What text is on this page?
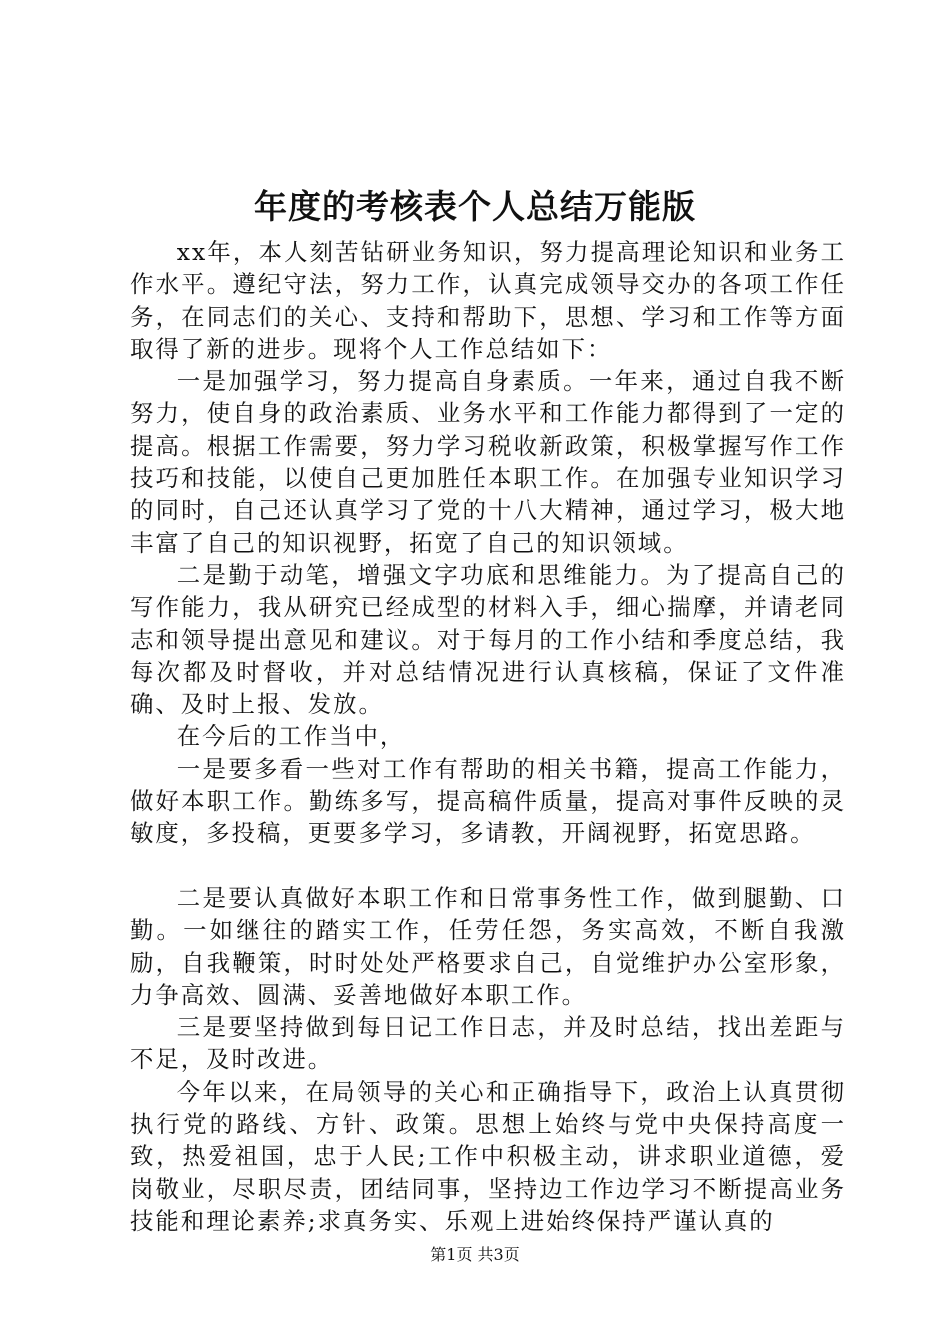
年度的考核表个人总结万能版

xx年，本人刻苦钻研业务知识，努力提高理论知识和业务工作水平。遵纪守法，努力工作，认真完成领导交办的各项工作任务，在同志们的关心、支持和帮助下，思想、学习和工作等方面取得了新的进步。现将个人工作总结如下：

一是加强学习，努力提高自身素质。一年来，通过自我不断努力，使自身的政治素质、业务水平和工作能力都得到了一定的提高。根据工作需要，努力学习税收新政策，积极掌握写作工作技巧和技能，以使自己更加胜任本职工作。在加强专业知识学习的同时，自己还认真学习了党的十八大精神，通过学习，极大地丰富了自己的知识视野，拓宽了自己的知识领域。

二是勤于动笔，增强文字功底和思维能力。为了提高自己的写作能力，我从研究已经成型的材料入手，细心揣摩，并请老同志和领导提出意见和建议。对于每月的工作小结和季度总结，我每次都及时督收，并对总结情况进行认真核稿，保证了文件准确、及时上报、发放。

在今后的工作当中，

一是要多看一些对工作有帮助的相关书籍，提高工作能力，做好本职工作。勤练多写，提高稿件质量，提高对事件反映的灵敏度，多投稿，更要多学习，多请教，开阔视野，拓宽思路。

二是要认真做好本职工作和日常事务性工作，做到腿勤、口勤。一如继往的踏实工作，任劳任怨，务实高效，不断自我激励，自我鞭策，时时处处严格要求自己，自觉维护办公室形象，力争高效、圆满、妥善地做好本职工作。

三是要坚持做到每日记工作日志，并及时总结，找出差距与不足，及时改进。

今年以来，在局领导的关心和正确指导下，政治上认真贯彻执行党的路线、方针、政策。思想上始终与党中央保持高度一致，热爱祖国，忠于人民;工作中积极主动，讲求职业道德，爱岗敬业，尽职尽责，团结同事，坚持边工作边学习不断提高业务技能和理论素养;求真务实、乐观上进始终保持严谨认真的

第1页 共3页
